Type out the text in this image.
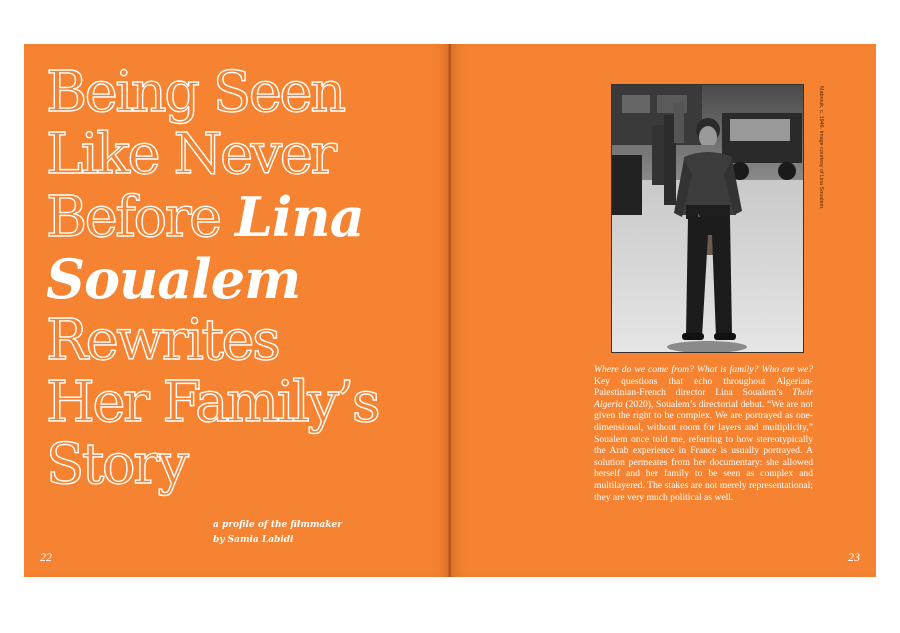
Being Seen
Like Never
Before Lina
Soualem
Rewrites
Her Family’s
Story
a profile of the filmmaker
by Samia Labidi
22
Mabrouk, c. 1946. Image courtesy of Lina Soualem.
Where do we come from? What is family? Who are we? Key questions that echo throughout Algerian-Palestinian-French director Lina Soualem’s Their Algeria (2020), Soualem’s directorial debut. “We are not given the right to be complex. We are portrayed as one-dimensional, without room for layers and multiplicity,” Soualem once told me, referring to how stereotypically the Arab experience in France is usually portrayed. A solution permeates from her documentary: she allowed herself and her family to be seen as complex and multilayered. The stakes are not merely representational; they are very much political as well.
23
